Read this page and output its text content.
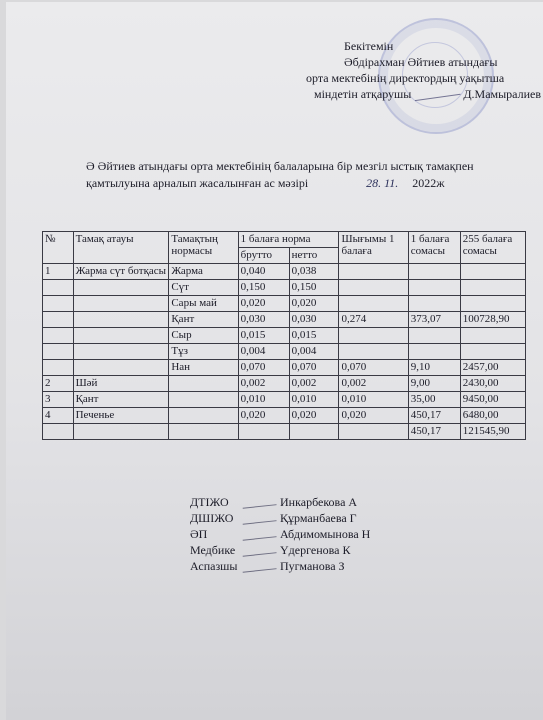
Бекітемін
Әбдірахман Әйтиев атындағы
орта мектебінің директордың уақытша
міндетін атқарушы	Д.Мамыралиев
Ә Әйтиев атындағы орта мектебінің балаларына бір мезгіл ыстық тамақпен
қамтылуына арналып жасалынған ас мәзірі	28. 11. 2022ж
№	Тамақ атауы	Тамақтың нормасы	1 балаға норма		Шығымы 1 балаға	1 балаға сомасы	255 балаға сомасы
			брутто	нетто			
1	Жарма сүт ботқасы	Жарма	0,040	0,038			
		Сүт	0,150	0,150			
		Сары май	0,020	0,020			
		Қант	0,030	0,030	0,274	373,07	100728,90
		Сыр	0,015	0,015			
		Тұз	0,004	0,004			
		Нан	0,070	0,070	0,070	9,10	2457,00
2	Шәй		0,002	0,002	0,002	9,00	2430,00
3	Қант		0,010	0,010	0,010	35,00	9450,00
4	Печенье		0,020	0,020	0,020	450,17	6480,00
						450,17	121545,90
ДТІЖО	Инкарбекова А
ДШІЖО	Құрманбаева Г
ӘП	Абдимомынова Н
Медбике	Үдергенова К
Аспазшы	Пугманова З
